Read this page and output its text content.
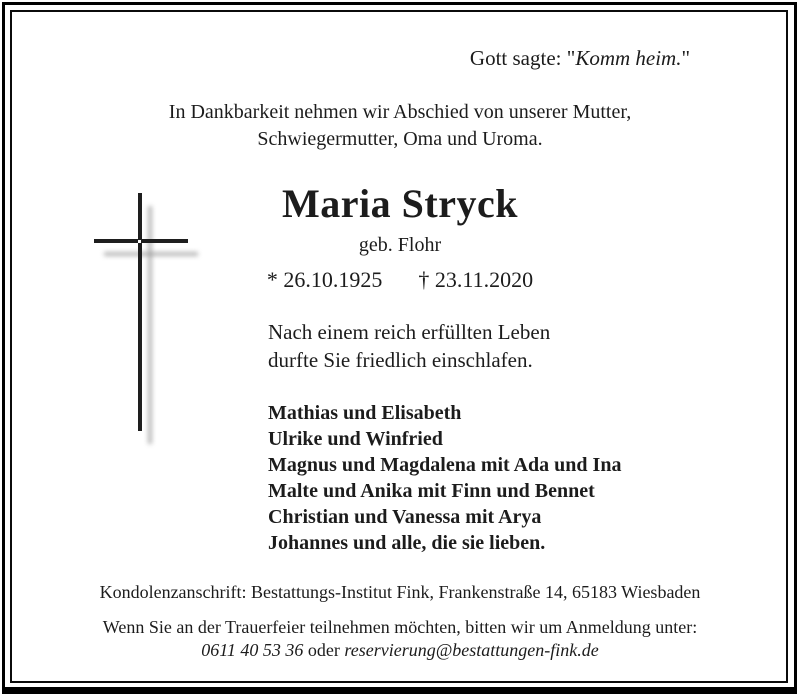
Gott sagte: "Komm heim."
In Dankbarkeit nehmen wir Abschied von unserer Mutter,
Schwiegermutter, Oma und Uroma.
Maria Stryck
geb. Flohr
* 26.10.1925 † 23.11.2020
Nach einem reich erfüllten Leben
durfte Sie friedlich einschlafen.
Mathias und Elisabeth
Ulrike und Winfried
Magnus und Magdalena mit Ada und Ina
Malte und Anika mit Finn und Bennet
Christian und Vanessa mit Arya
Johannes und alle, die sie lieben.
Kondolenzanschrift: Bestattungs-Institut Fink, Frankenstraße 14, 65183 Wiesbaden
Wenn Sie an der Trauerfeier teilnehmen möchten, bitten wir um Anmeldung unter:
0611 40 53 36 oder reservierung@bestattungen-fink.de
